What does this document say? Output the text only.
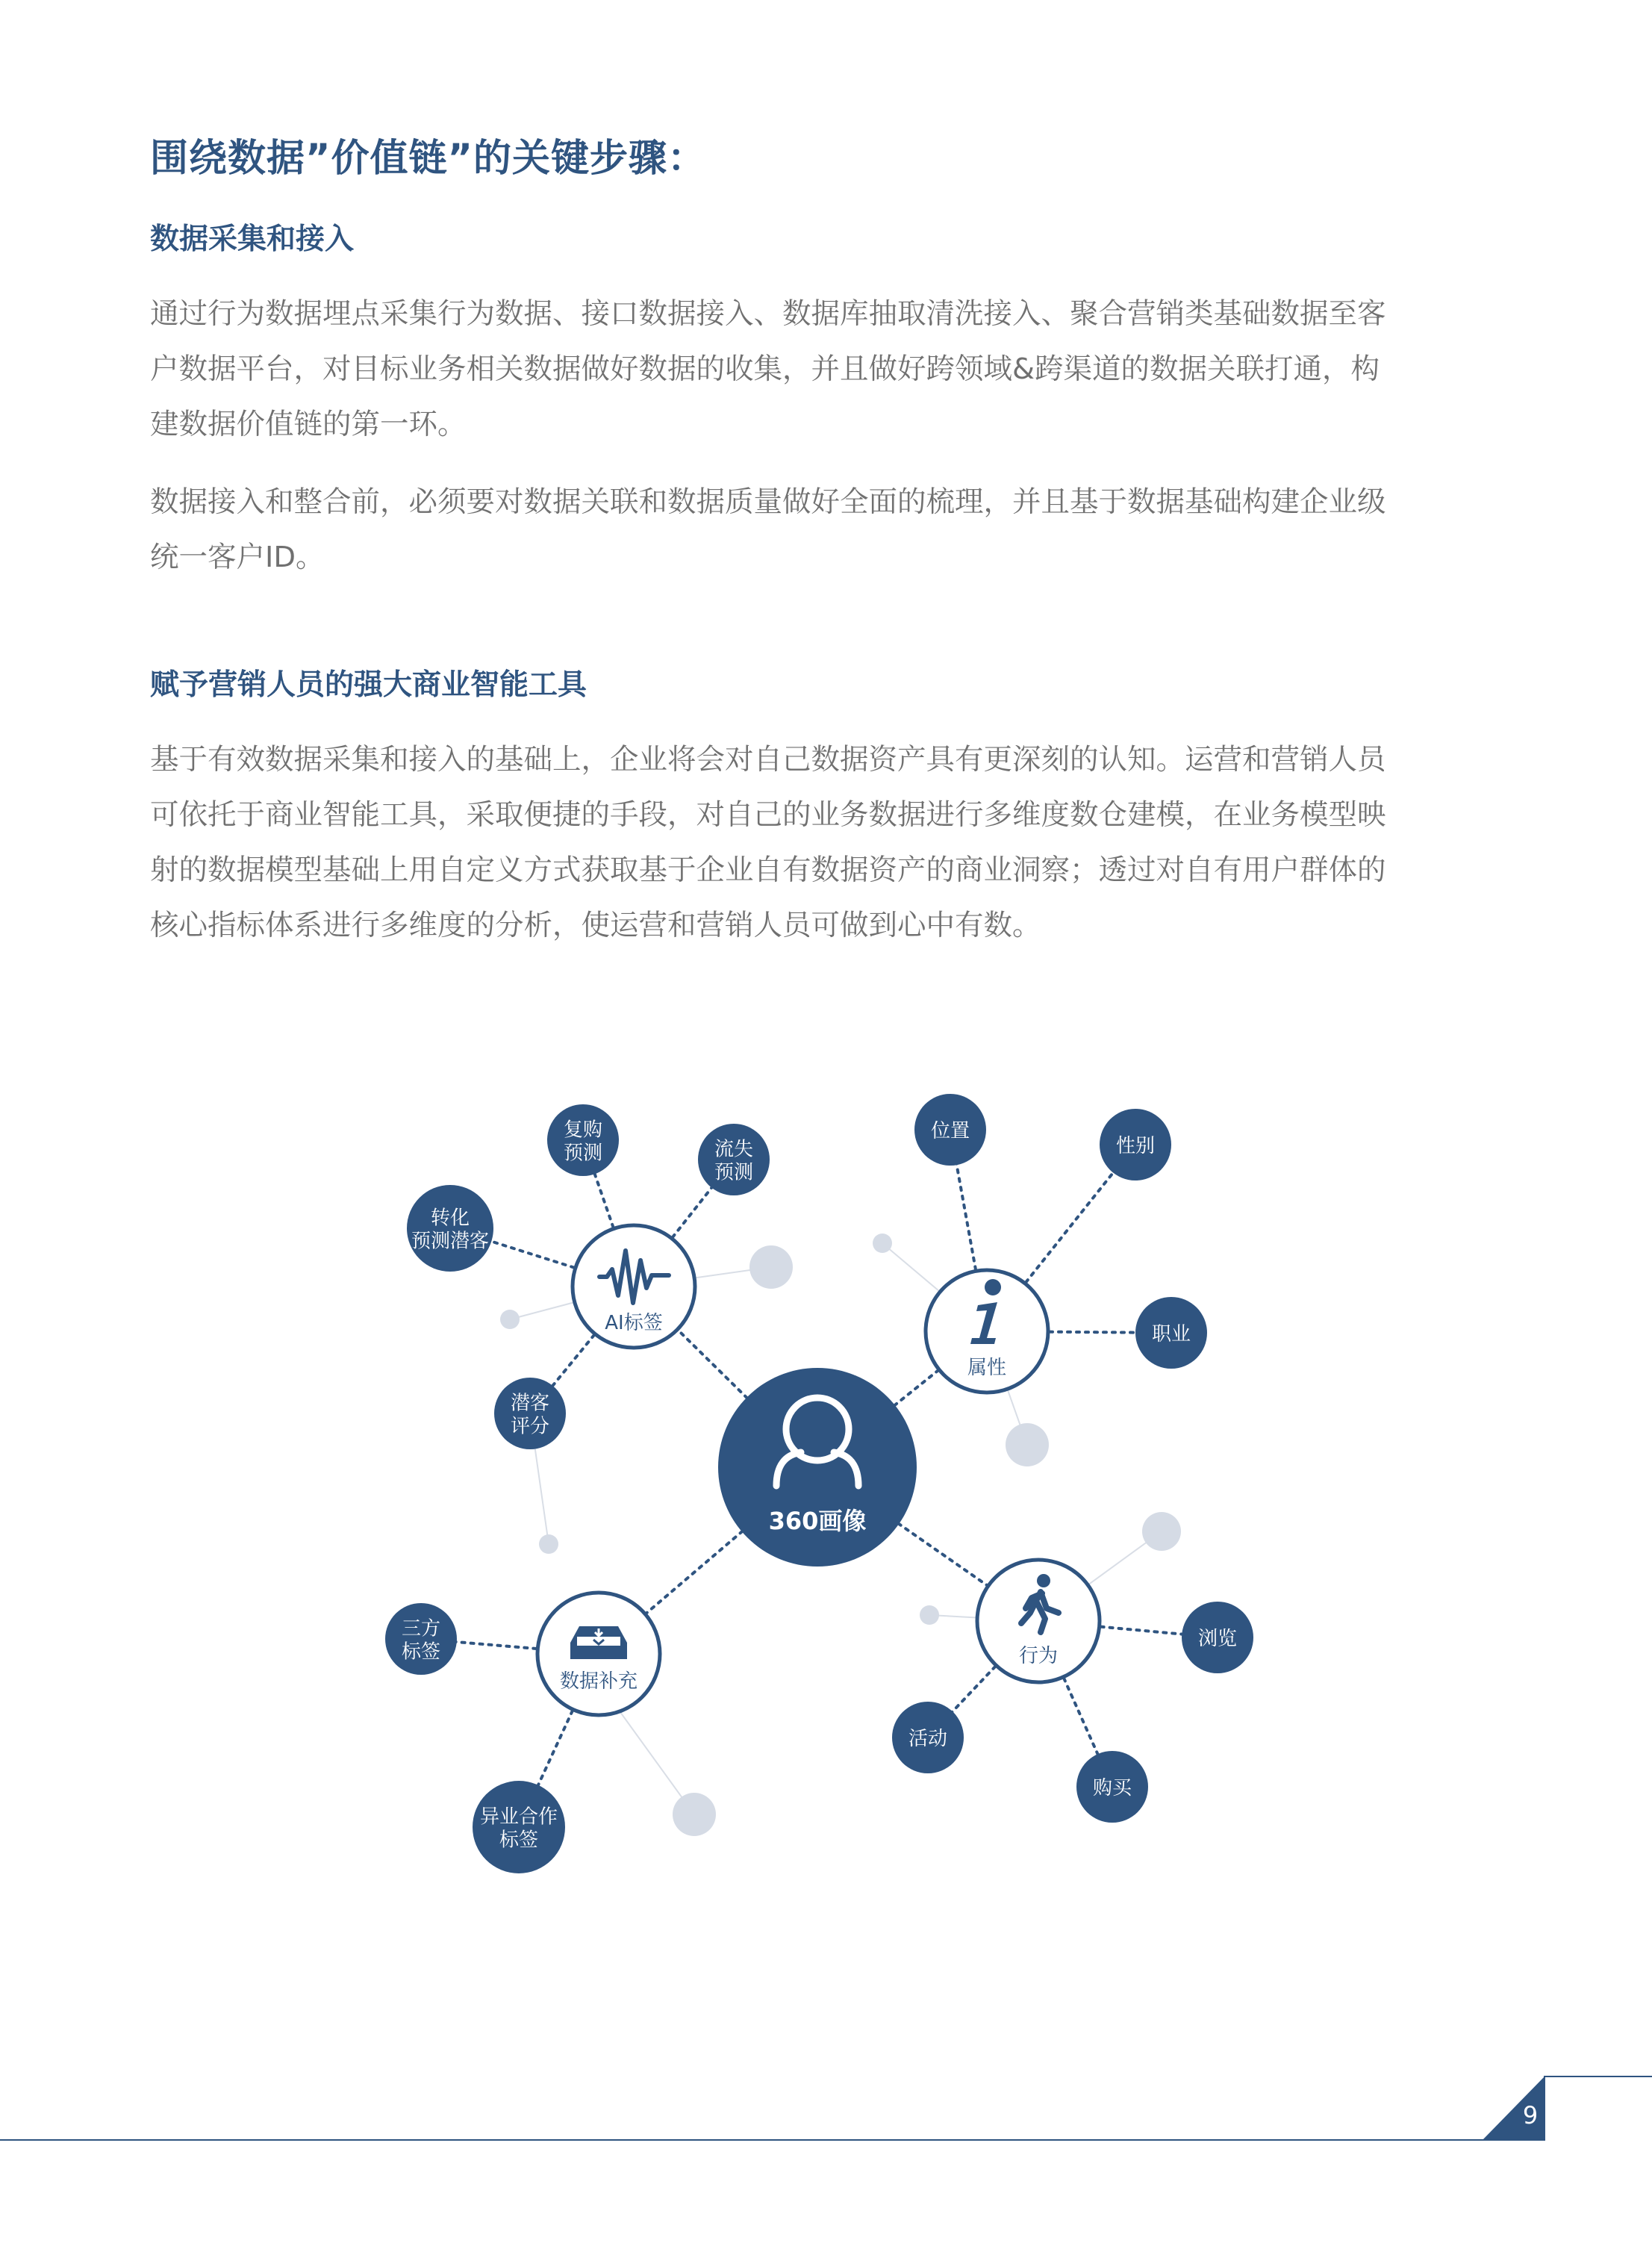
围绕数据”价值链”的关键步骤：
数据采集和接入

通过行为数据埋点采集行为数据、接口数据接入、数据库抽取清洗接入、聚合营销类基础数据至客
户数据平台，对目标业务相关数据做好数据的收集，并且做好跨领域&跨渠道的数据关联打通，构
建数据价值链的第一环。

数据接入和整合前，必须要对数据关联和数据质量做好全面的梳理，并且基于数据基础构建企业级
统一客户ID。

赋予营销人员的强大商业智能工具

基于有效数据采集和接入的基础上，企业将会对自己数据资产具有更深刻的认知。运营和营销人员
可依托于商业智能工具，采取便捷的手段，对自己的业务数据进行多维度数仓建模，在业务模型映
射的数据模型基础上用自定义方式获取基于企业自有数据资产的商业洞察；透过对自有用户群体的
核心指标体系进行多维度的分析，使运营和营销人员可做到心中有数。

360画像
AI标签
属性
数据补充
行为
复购
预测	流失
预测
转化
预测潜客
潜客
评分
位置
性别
职业
三方
标签
异业合作
标签
浏览
活动
购买
9
